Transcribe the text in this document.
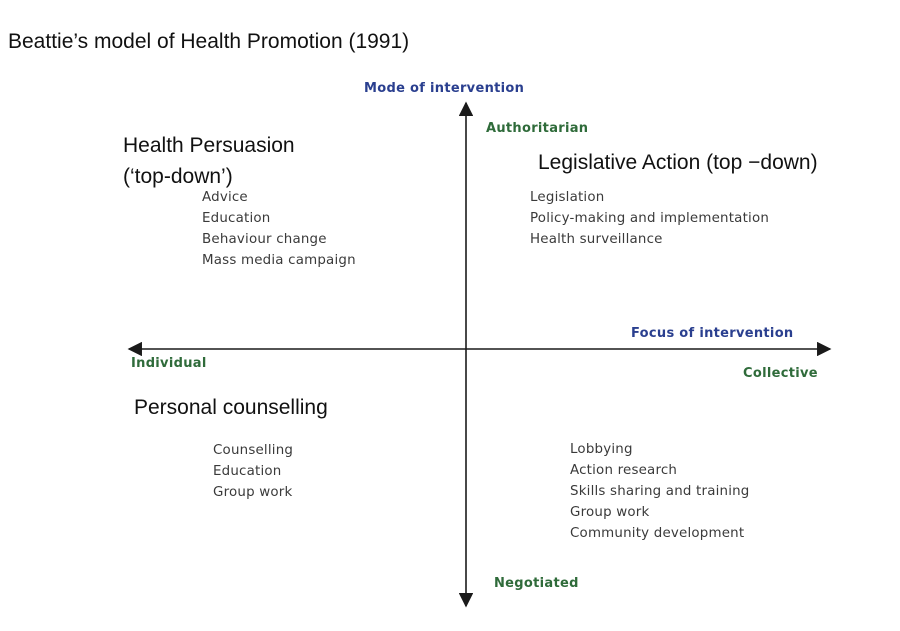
Beattie’s model of Health Promotion (1991)
Mode of intervention
Authoritarian
Focus of intervention
Individual
Collective
Negotiated
Health Persuasion
(‘top-down’)
Advice
Education
Behaviour change
Mass media campaign
Legislative Action (top −down)
Legislation
Policy-making and implementation
Health surveillance
Personal counselling
Counselling
Education
Group work
Lobbying
Action research
Skills sharing and training
Group work
Community development
